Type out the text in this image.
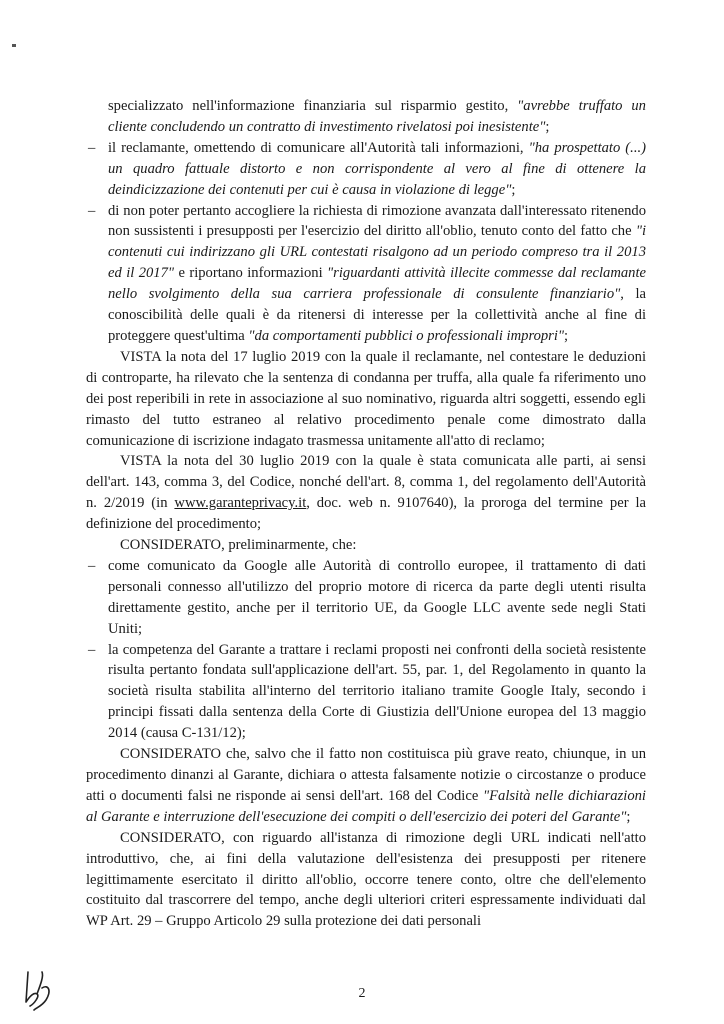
specializzato nell'informazione finanziaria sul risparmio gestito, "avrebbe truffato un cliente concludendo un contratto di investimento rivelatosi poi inesistente";

– il reclamante, omettendo di comunicare all'Autorità tali informazioni, "ha prospettato (...) un quadro fattuale distorto e non corrispondente al vero al fine di ottenere la deindicizzazione dei contenuti per cui è causa in violazione di legge";

– di non poter pertanto accogliere la richiesta di rimozione avanzata dall'interessato ritenendo non sussistenti i presupposti per l'esercizio del diritto all'oblio, tenuto conto del fatto che "i contenuti cui indirizzano gli URL contestati risalgono ad un periodo compreso tra il 2013 ed il 2017" e riportano informazioni "riguardanti attività illecite commesse dal reclamante nello svolgimento della sua carriera professionale di consulente finanziario", la conoscibilità delle quali è da ritenersi di interesse per la collettività anche al fine di proteggere quest'ultima "da comportamenti pubblici o professionali impropri";

VISTA la nota del 17 luglio 2019 con la quale il reclamante, nel contestare le deduzioni di controparte, ha rilevato che la sentenza di condanna per truffa, alla quale fa riferimento uno dei post reperibili in rete in associazione al suo nominativo, riguarda altri soggetti, essendo egli rimasto del tutto estraneo al relativo procedimento penale come dimostrato dalla comunicazione di iscrizione indagato trasmessa unitamente all'atto di reclamo;

VISTA la nota del 30 luglio 2019 con la quale è stata comunicata alle parti, ai sensi dell'art. 143, comma 3, del Codice, nonché dell'art. 8, comma 1, del regolamento dell'Autorità n. 2/2019 (in www.garanteprivacy.it, doc. web n. 9107640), la proroga del termine per la definizione del procedimento;

CONSIDERATO, preliminarmente, che:

– come comunicato da Google alle Autorità di controllo europee, il trattamento di dati personali connesso all'utilizzo del proprio motore di ricerca da parte degli utenti risulta direttamente gestito, anche per il territorio UE, da Google LLC avente sede negli Stati Uniti;

– la competenza del Garante a trattare i reclami proposti nei confronti della società resistente risulta pertanto fondata sull'applicazione dell'art. 55, par. 1, del Regolamento in quanto la società risulta stabilita all'interno del territorio italiano tramite Google Italy, secondo i principi fissati dalla sentenza della Corte di Giustizia dell'Unione europea del 13 maggio 2014 (causa C-131/12);

CONSIDERATO che, salvo che il fatto non costituisca più grave reato, chiunque, in un procedimento dinanzi al Garante, dichiara o attesta falsamente notizie o circostanze o produce atti o documenti falsi ne risponde ai sensi dell'art. 168 del Codice "Falsità nelle dichiarazioni al Garante e interruzione dell'esecuzione dei compiti o dell'esercizio dei poteri del Garante";

CONSIDERATO, con riguardo all'istanza di rimozione degli URL indicati nell'atto introduttivo, che, ai fini della valutazione dell'esistenza dei presupposti per ritenere legittimamente esercitato il diritto all'oblio, occorre tenere conto, oltre che dell'elemento costituito dal trascorrere del tempo, anche degli ulteriori criteri espressamente individuati dal WP Art. 29 – Gruppo Articolo 29 sulla protezione dei dati personali

2
